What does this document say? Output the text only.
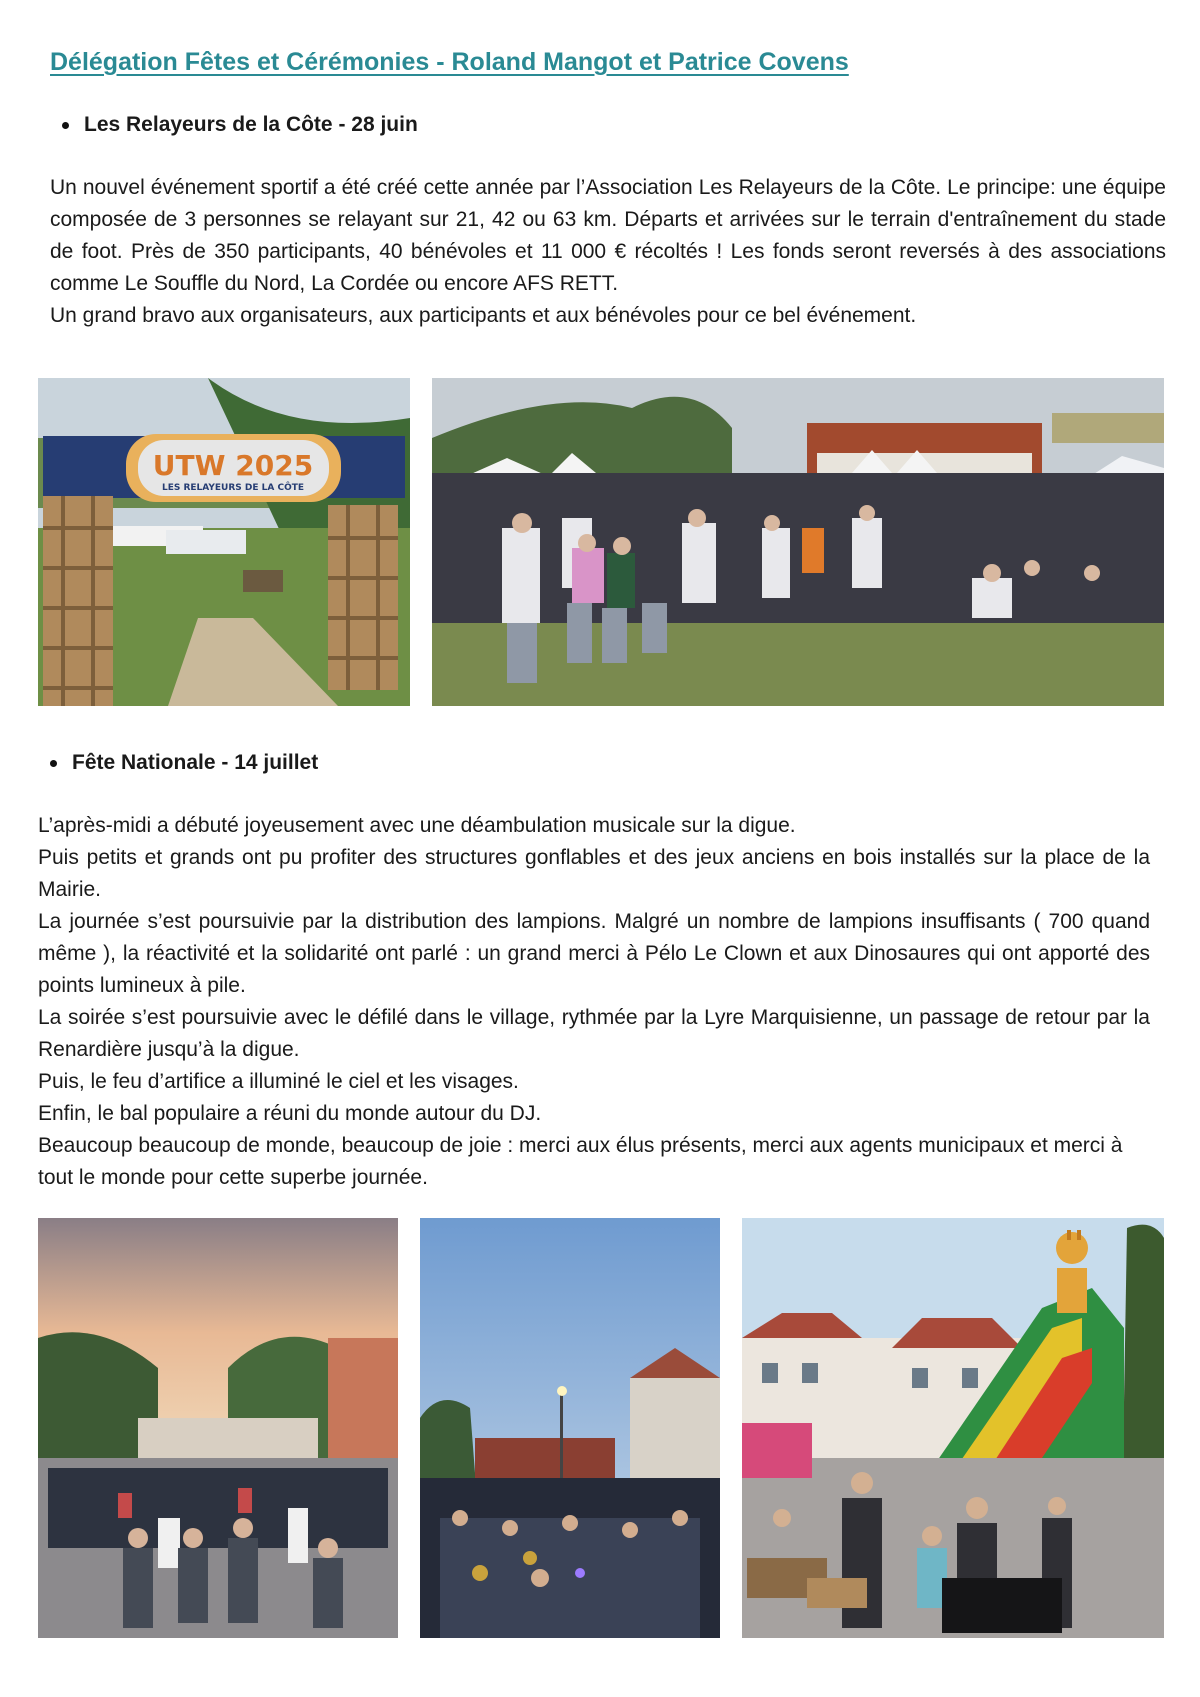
Délégation Fêtes et Cérémonies - Roland Mangot et Patrice Covens
Les Relayeurs de la Côte - 28 juin

Un nouvel événement sportif a été créé cette année par l’Association Les Relayeurs de la Côte. Le principe: une équipe composée de 3 personnes se relayant sur 21, 42 ou 63 km. Départs et arrivées sur le terrain d'entraînement du stade de foot. Près de 350 participants, 40 bénévoles et 11 000 € récoltés ! Les fonds seront reversés à des associations comme Le Souffle du Nord, La Cordée ou encore AFS RETT.

Un grand bravo aux organisateurs, aux participants et aux bénévoles pour ce bel événement.

UTW 2025
LES RELAYEURS DE LA CÔTE
Fête Nationale - 14 juillet

L’après-midi a débuté joyeusement avec une déambulation musicale sur la digue.

Puis petits et grands ont pu profiter des structures gonflables et des jeux anciens en bois installés sur la place de la Mairie.

La journée s’est poursuivie par la distribution des lampions. Malgré un nombre de lampions insuffisants ( 700 quand même ), la réactivité et la solidarité ont parlé : un grand merci à Pélo Le Clown et aux Dinosaures qui ont apporté des points lumineux à pile.

La soirée s’est poursuivie avec le défilé dans le village, rythmée par la Lyre Marquisienne, un passage de retour par la Renardière jusqu’à la digue.

Puis, le feu d’artifice a illuminé le ciel et les visages.

Enfin, le bal populaire a réuni du monde autour du DJ.

Beaucoup beaucoup de monde, beaucoup de joie : merci aux élus présents, merci aux agents municipaux et merci à tout le monde pour cette superbe journée.
